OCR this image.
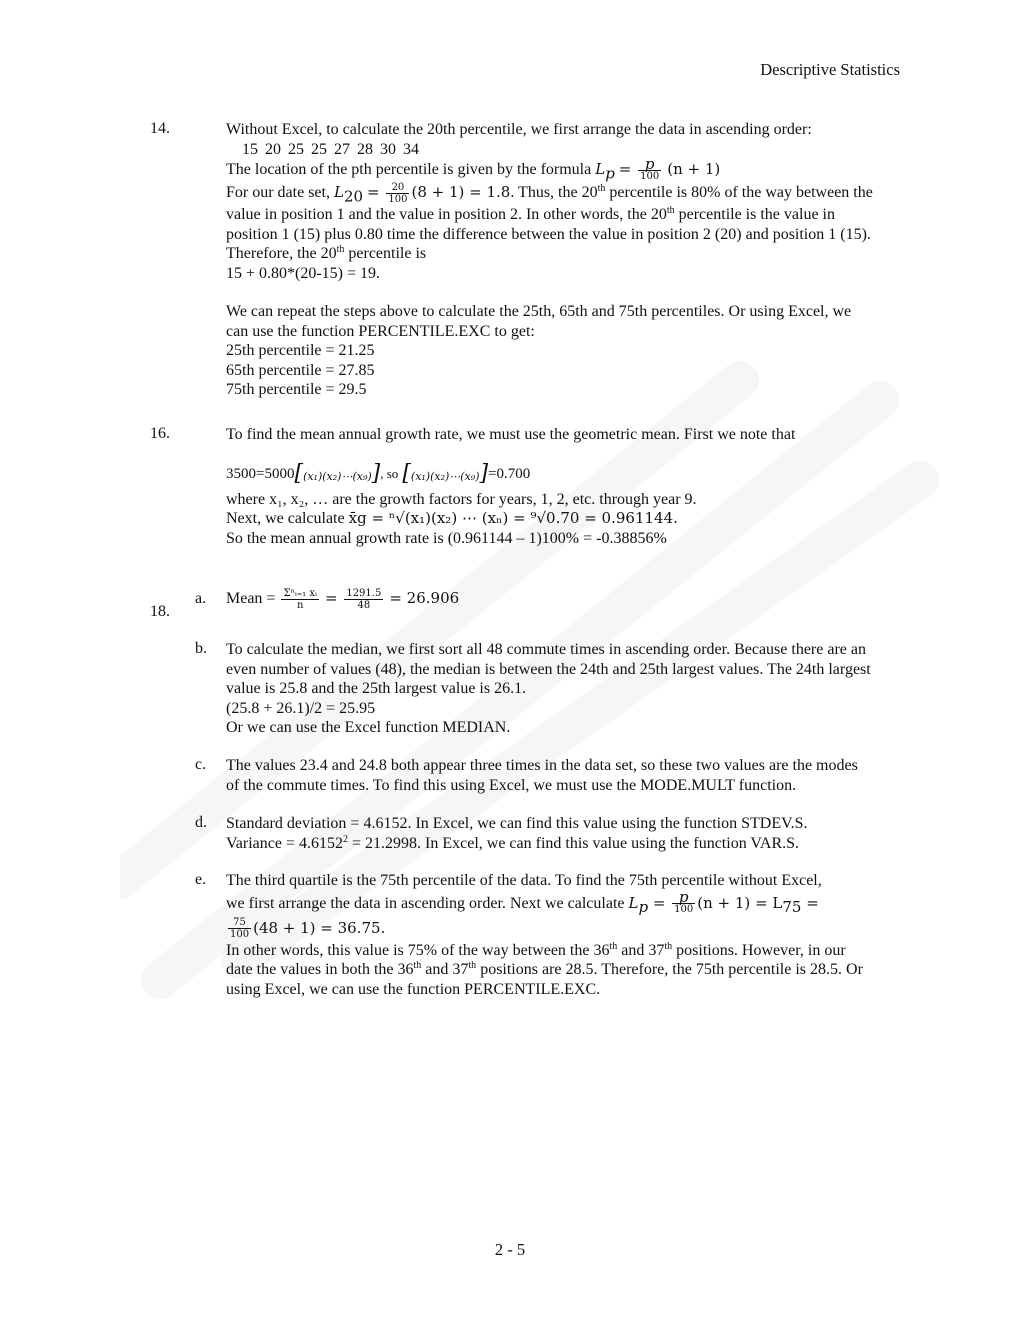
Descriptive Statistics
14.	Without Excel, to calculate the 20th percentile, we first arrange the data in ascending order:

15 20 25 25 27 28 30 34

The location of the pth percentile is given by the formula $L_p = \frac{p}{100} (n + 1)$

For our date set, $L_{20} = \frac{20}{100} (8 + 1) = 1.8$. Thus, the 20th percentile is 80% of the way between the

value in position 1 and the value in position 2. In other words, the 20th percentile is the value in

position 1 (15) plus 0.80 time the difference between the value in position 2 (20) and position 1 (15).

Therefore, the 20th percentile is

15 + 0.80*(20-15) = 19.

We can repeat the steps above to calculate the 25th, 65th and 75th percentiles. Or using Excel, we

can use the function PERCENTILE.EXC to get:

25th percentile = 21.25

65th percentile = 27.85

75th percentile = 29.5

16.	To find the mean annual growth rate, we must use the geometric mean. First we note that

3500=5000[(x₁)(x₂)⋯(x₉)], so [(x₁)(x₂)⋯(x₉)]=0.700

where x₁, x₂, … are the growth factors for years, 1, 2, etc. through year 9.

Next, we calculate x̄g = ⁿ√(x₁)(x₂) ⋯ (xₙ) = ⁹√0.70 = 0.961144.

So the mean annual growth rate is (0.961144 – 1)100% = -0.38856%

18.
a. Mean = $\frac{\text{Σⁿᵢ₌₁ xᵢ}}{n} = \frac{1291.5}{48} = 26.906$

b. To calculate the median, we first sort all 48 commute times in ascending order. Because there are an

even number of values (48), the median is between the 24th and 25th largest values. The 24th largest

value is 25.8 and the 25th largest value is 26.1.

(25.8 + 26.1)/2 = 25.95

Or we can use the Excel function MEDIAN.

c. The values 23.4 and 24.8 both appear three times in the data set, so these two values are the modes

of the commute times. To find this using Excel, we must use the MODE.MULT function.

d. Standard deviation = 4.6152. In Excel, we can find this value using the function STDEV.S.

Variance = $4.6152^2 = 21.2998$. In Excel, we can find this value using the function VAR.S.

e. The third quartile is the 75th percentile of the data. To find the 75th percentile without Excel,

we first arrange the data in ascending order. Next we calculate $L_p = \frac{p}{100} (n + 1) = L_{75}$ =

$\frac{75}{100} (48 + 1) = 36.75$.

In other words, this value is 75% of the way between the 36th and 37th positions. However, in our

date the values in both the 36th and 37th positions are 28.5. Therefore, the 75th percentile is 28.5. Or

using Excel, we can use the function PERCENTILE.EXC.

2 - 5
